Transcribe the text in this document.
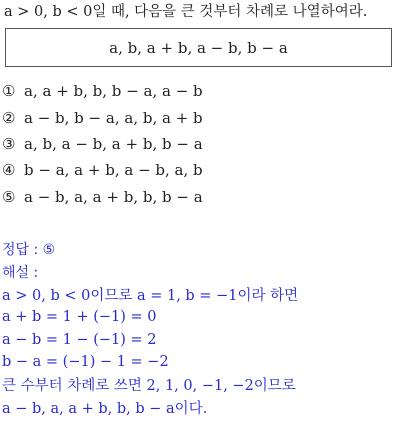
a > 0, b < 0일 때, 다음을 큰 것부터 차례로 나열하여라.
a, b, a + b, a − b, b − a
① a, a + b, b, b − a, a − b
② a − b, b − a, a, b, a + b
③ a, b, a − b, a + b, b − a
④ b − a, a + b, a − b, a, b
⑤ a − b, a, a + b, b, b − a
정답 : ⑤
해설 :
a > 0, b < 0이므로 a = 1, b = −1이라 하면
a + b = 1 + (−1) = 0
a − b = 1 − (−1) = 2
b − a = (−1) − 1 = −2
큰 수부터 차례로 쓰면 2, 1, 0, −1, −2이므로
a − b, a, a + b, b, b − a이다.
